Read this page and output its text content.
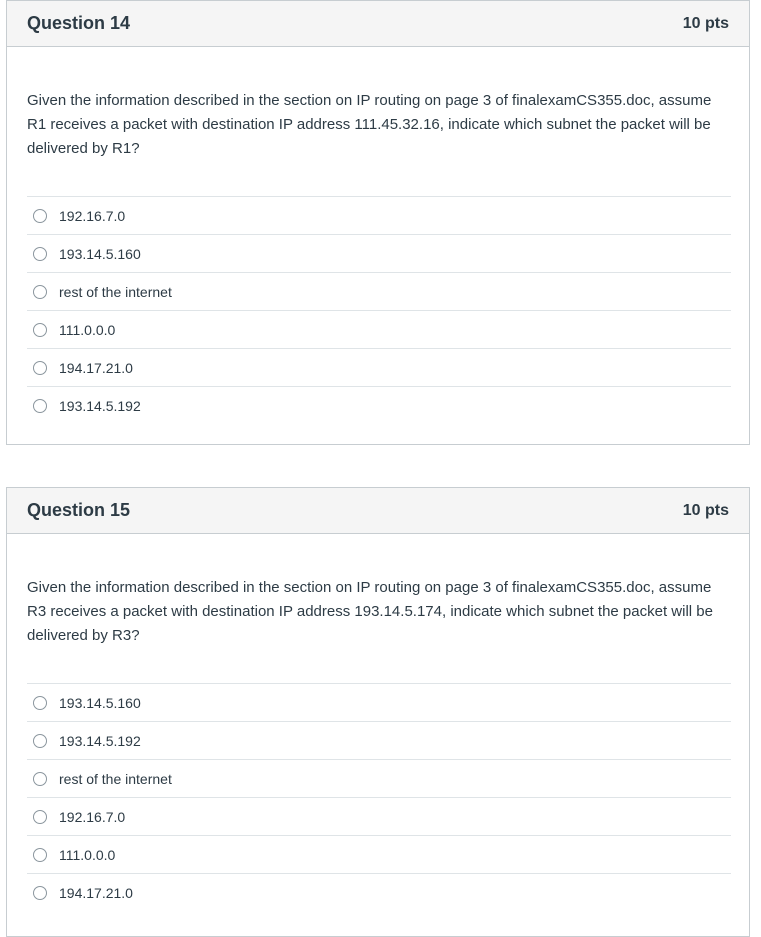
Question 14	10 pts
Given the information described in the section on IP routing on page 3 of finalexamCS355.doc, assume R1 receives a packet with destination IP address 111.45.32.16, indicate which subnet the packet will be delivered by R1?
192.16.7.0
193.14.5.160
rest of the internet
111.0.0.0
194.17.21.0
193.14.5.192
Question 15	10 pts
Given the information described in the section on IP routing on page 3 of finalexamCS355.doc, assume R3 receives a packet with destination IP address 193.14.5.174, indicate which subnet the packet will be delivered by R3?
193.14.5.160
193.14.5.192
rest of the internet
192.16.7.0
111.0.0.0
194.17.21.0
